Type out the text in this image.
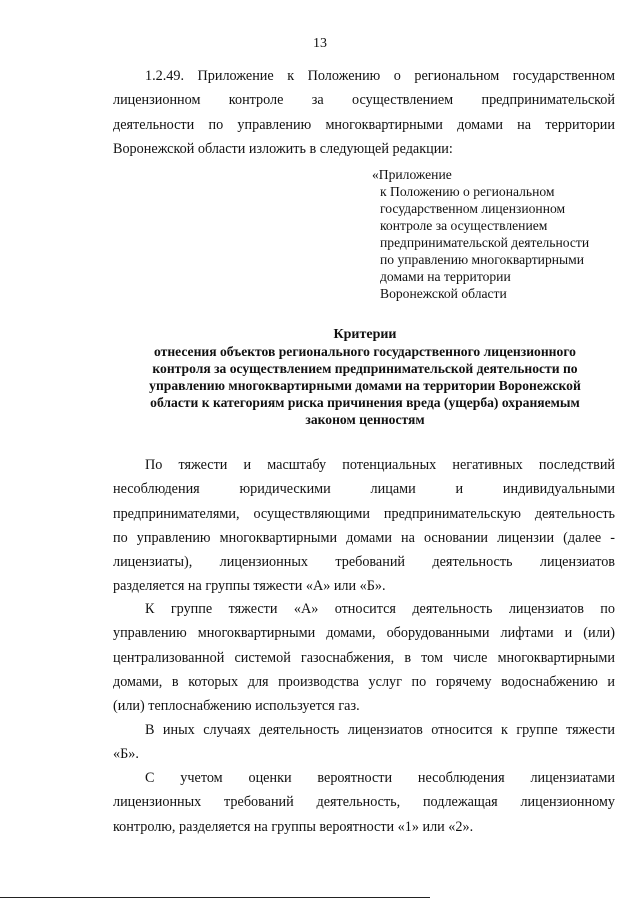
13
1.2.49. Приложение к Положению о региональном государственном
лицензионном контроле за осуществлением предпринимательской
деятельности по управлению многоквартирными домами на территории
Воронежской области изложить в следующей редакции:
«Приложение
к Положению о региональном
государственном лицензионном
контроле за осуществлением
предпринимательской деятельности
по управлению многоквартирными
домами на территории
Воронежской области
Критерии
отнесения объектов регионального государственного лицензионного
контроля за осуществлением предпринимательской деятельности по
управлению многоквартирными домами на территории Воронежской
области к категориям риска причинения вреда (ущерба) охраняемым
законом ценностям
По тяжести и масштабу потенциальных негативных последствий
несоблюдения юридическими лицами и индивидуальными
предпринимателями, осуществляющими предпринимательскую деятельность
по управлению многоквартирными домами на основании лицензии (далее -
лицензиаты), лицензионных требований деятельность лицензиатов
разделяется на группы тяжести «А» или «Б».
К группе тяжести «А» относится деятельность лицензиатов по
управлению многоквартирными домами, оборудованными лифтами и (или)
централизованной системой газоснабжения, в том числе многоквартирными
домами, в которых для производства услуг по горячему водоснабжению и
(или) теплоснабжению используется газ.
В иных случаях деятельность лицензиатов относится к группе тяжести
«Б».
С учетом оценки вероятности несоблюдения лицензиатами
лицензионных требований деятельность, подлежащая лицензионному
контролю, разделяется на группы вероятности «1» или «2».
